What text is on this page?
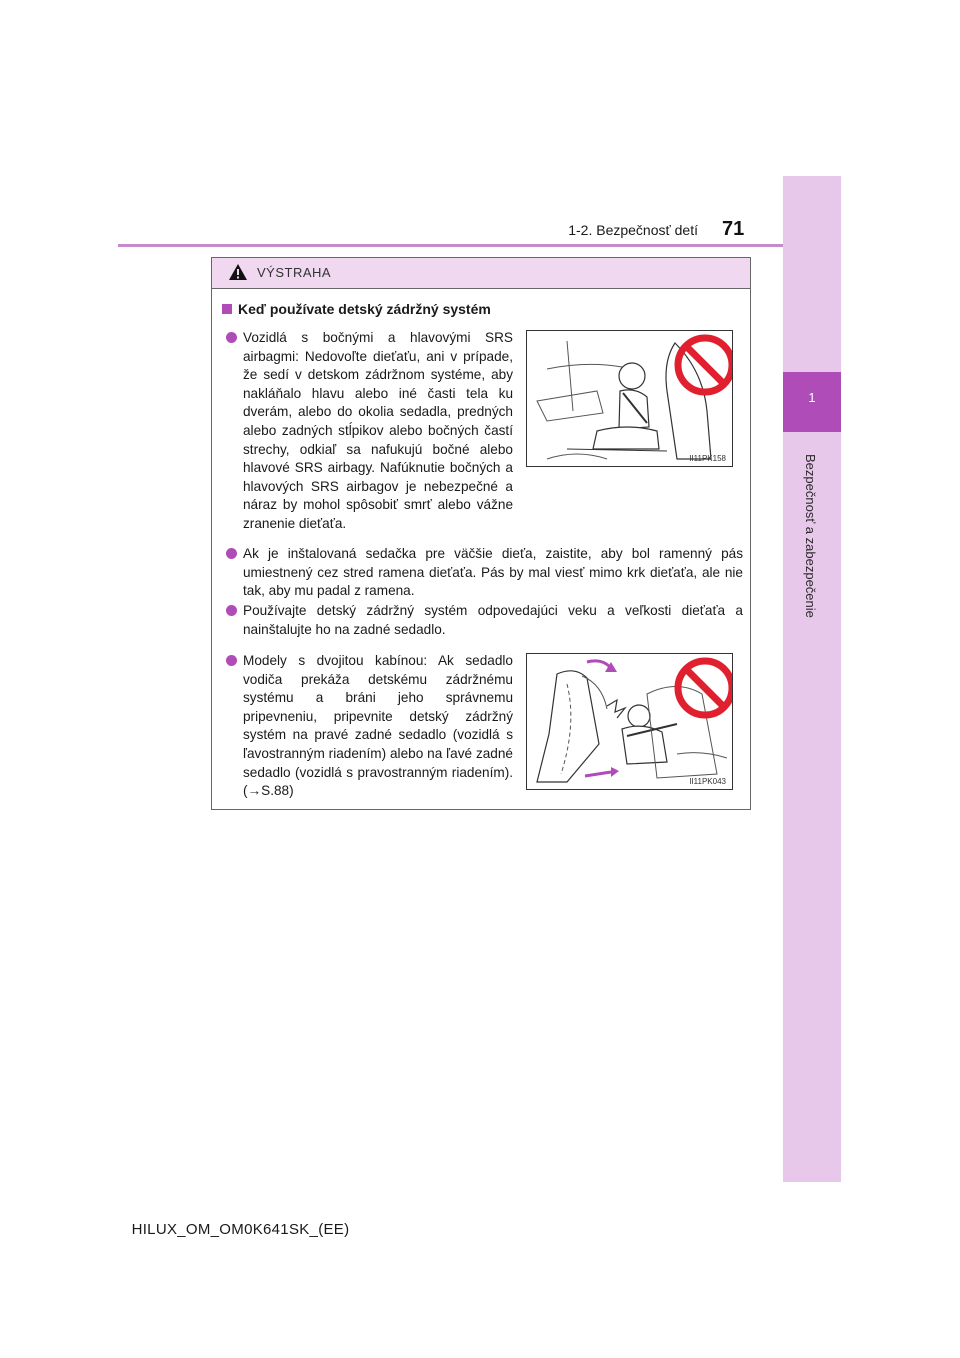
1
Bezpečnosť a zabezpečenie
1-2. Bezpečnosť detí 71
VÝSTRAHA
Keď používate detský zádržný systém
Vozidlá s bočnými a hlavovými SRS airbagmi: Nedovoľte dieťaťu, ani v prípade, že sedí v detskom zádržnom systéme, aby nakláňalo hlavu alebo iné časti tela ku dverám, alebo do okolia sedadla, predných alebo zadných stĺpikov alebo bočných častí strechy, odkiaľ sa nafukujú bočné alebo hlavové SRS airbagy. Nafúknutie bočných a hlavových SRS airbagov je nebezpečné a náraz by mohol spôsobiť smrť alebo vážne zranenie dieťaťa.
II11PK158
Ak je inštalovaná sedačka pre väčšie dieťa, zaistite, aby bol ramenný pás umiestnený cez stred ramena dieťaťa. Pás by mal viesť mimo krk dieťaťa, ale nie tak, aby mu padal z ramena.
Používajte detský zádržný systém odpovedajúci veku a veľkosti dieťaťa a nainštalujte ho na zadné sedadlo.
Modely s dvojitou kabínou: Ak sedadlo vodiča prekáža detskému zádržnému systému a bráni jeho správnemu pripevneniu, pripevnite detský zádržný systém na pravé zadné sedadlo (vozidlá s ľavostranným riadením) alebo na ľavé zadné sedadlo (vozidlá s pravostranným riadením). (→S.88)
II11PK043
HILUX_OM_OM0K641SK_(EE)
